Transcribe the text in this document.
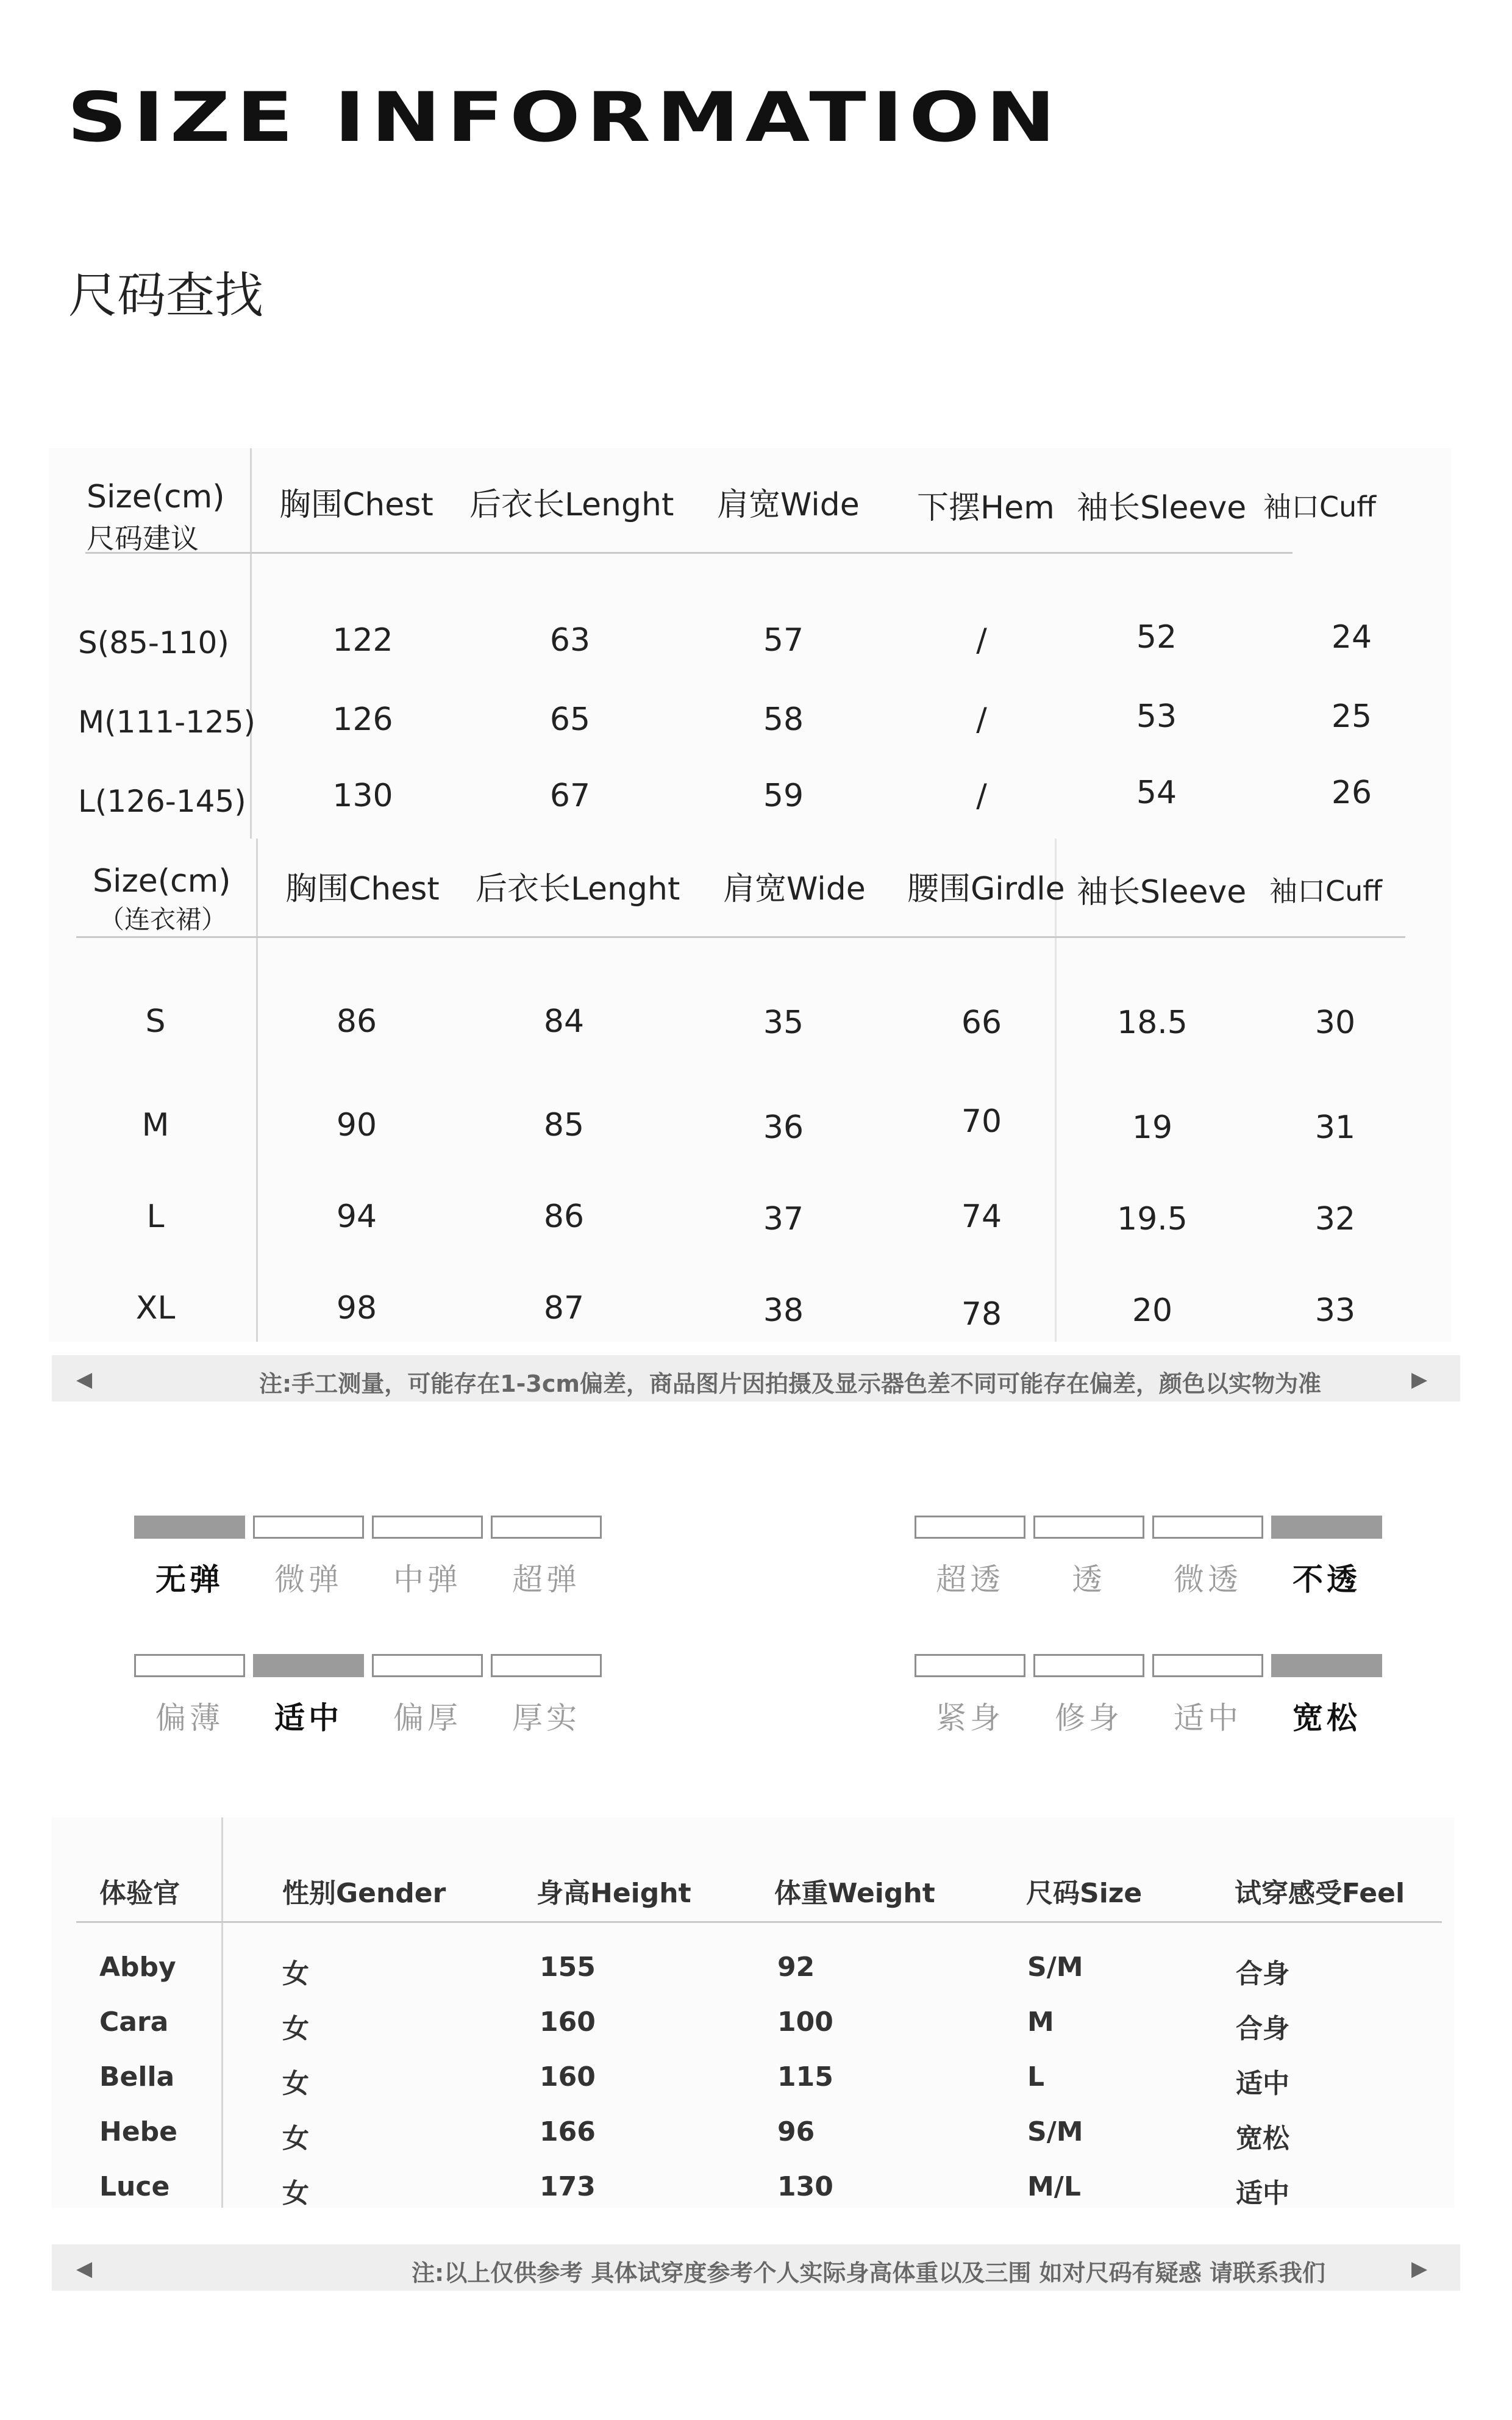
SIZE INFORMATION
尺码查找
Size(cm)
尺码建议
胸围Chest 后衣长Lenght 肩宽Wide 下摆Hem 袖长Sleeve 袖口Cuff
S(85-110)	122	63	57	/	52	24
M(111-125)	126	65	58	/	53	25
L(126-145)	130	67	59	/	54	26
Size(cm)
（连衣裙）
胸围Chest 后衣长Lenght 肩宽Wide 腰围Girdle 袖长Sleeve 袖口Cuff
S	86	84	35	66	18.5	30
M	90	85	36	70	19	31
L	94	86	37	74	19.5	32
XL	98	87	38	78	20	33
◀	注:手工测量，可能存在1-3cm偏差，商品图片因拍摄及显示器色差不同可能存在偏差，颜色以实物为准	▶
无弹	微弹	中弹	超弹	超透	透	微透	不透
偏薄	适中	偏厚	厚实	紧身	修身	适中	宽松
体验官	性别Gender	身高Height	体重Weight	尺码Size	试穿感受Feel
Abby	女	155	92	S/M	合身
Cara	女	160	100	M	合身
Bella	女	160	115	L	适中
Hebe	女	166	96	S/M	宽松
Luce	女	173	130	M/L	适中
◀	注:以上仅供参考 具体试穿度参考个人实际身高体重以及三围 如对尺码有疑惑 请联系我们	▶
